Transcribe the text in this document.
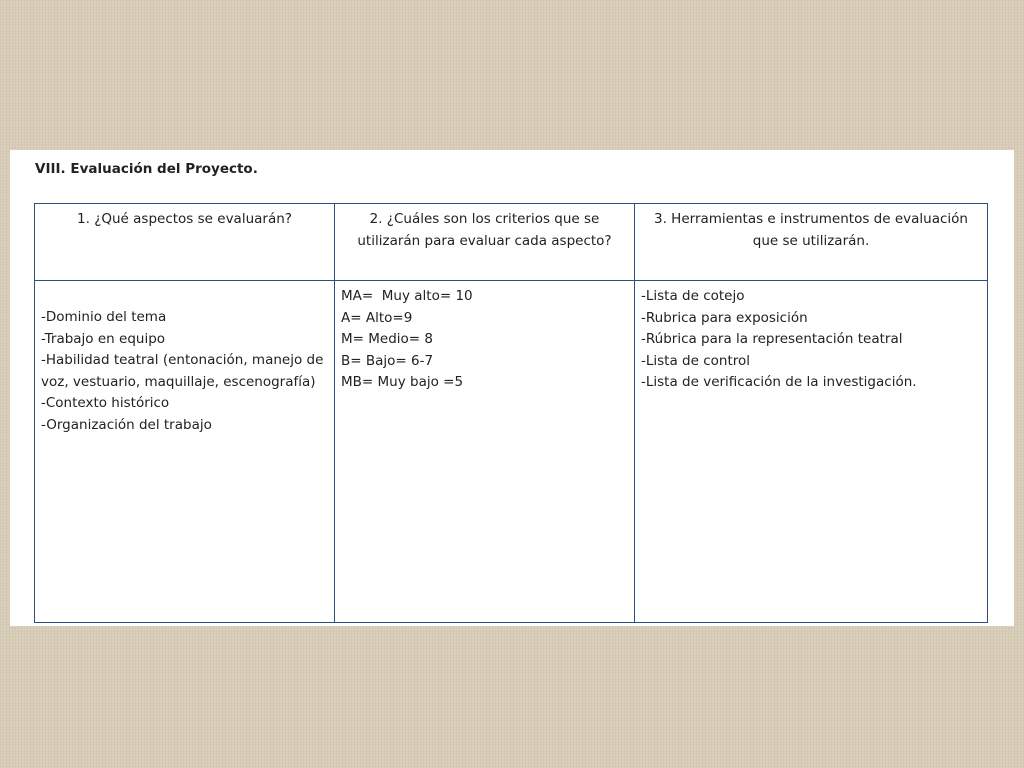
VIII. Evaluación del Proyecto.
1. ¿Qué aspectos se evaluarán?	2. ¿Cuáles son los criterios que se utilizarán para evaluar cada aspecto?	3. Herramientas e instrumentos de evaluación que se utilizarán.

-Dominio del tema
-Trabajo en equipo
-Habilidad teatral (entonación, manejo de voz, vestuario, maquillaje, escenografía)
-Contexto histórico
-Organización del trabajo	MA=  Muy alto= 10
A= Alto=9
M= Medio= 8
B= Bajo= 6-7
MB= Muy bajo =5	-Lista de cotejo
-Rubrica para exposición
-Rúbrica para la representación teatral
-Lista de control
-Lista de verificación de la investigación.
